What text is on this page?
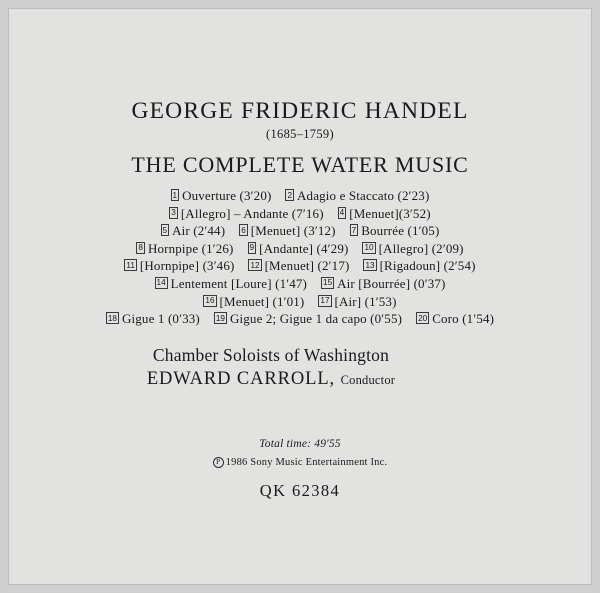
GEORGE FRIDERIC HANDEL
(1685–1759)
THE COMPLETE WATER MUSIC
1 Ouverture (3′20) 2 Adagio e Staccato (2′23)
3 [Allegro] – Andante (7′16) 4 [Menuet](3′52)
5 Air (2′44) 6 [Menuet] (3′12) 7 Bourrée (1′05)
8 Hornpipe (1′26) 9 [Andante] (4′29) 10 [Allegro] (2′09)
11 [Hornpipe] (3′46) 12 [Menuet] (2′17) 13 [Rigadoun] (2′54)
14 Lentement [Loure] (1′47) 15 Air [Bourrée] (0′37)
16 [Menuet] (1′01) 17 [Air] (1′53)
18 Gigue 1 (0′33) 19 Gigue 2; Gigue 1 da capo (0′55) 20 Coro (1′54)
Chamber Soloists of Washington
EDWARD CARROLL, Conductor
Total time: 49′55
P 1986 Sony Music Entertainment Inc.
QK 62384
